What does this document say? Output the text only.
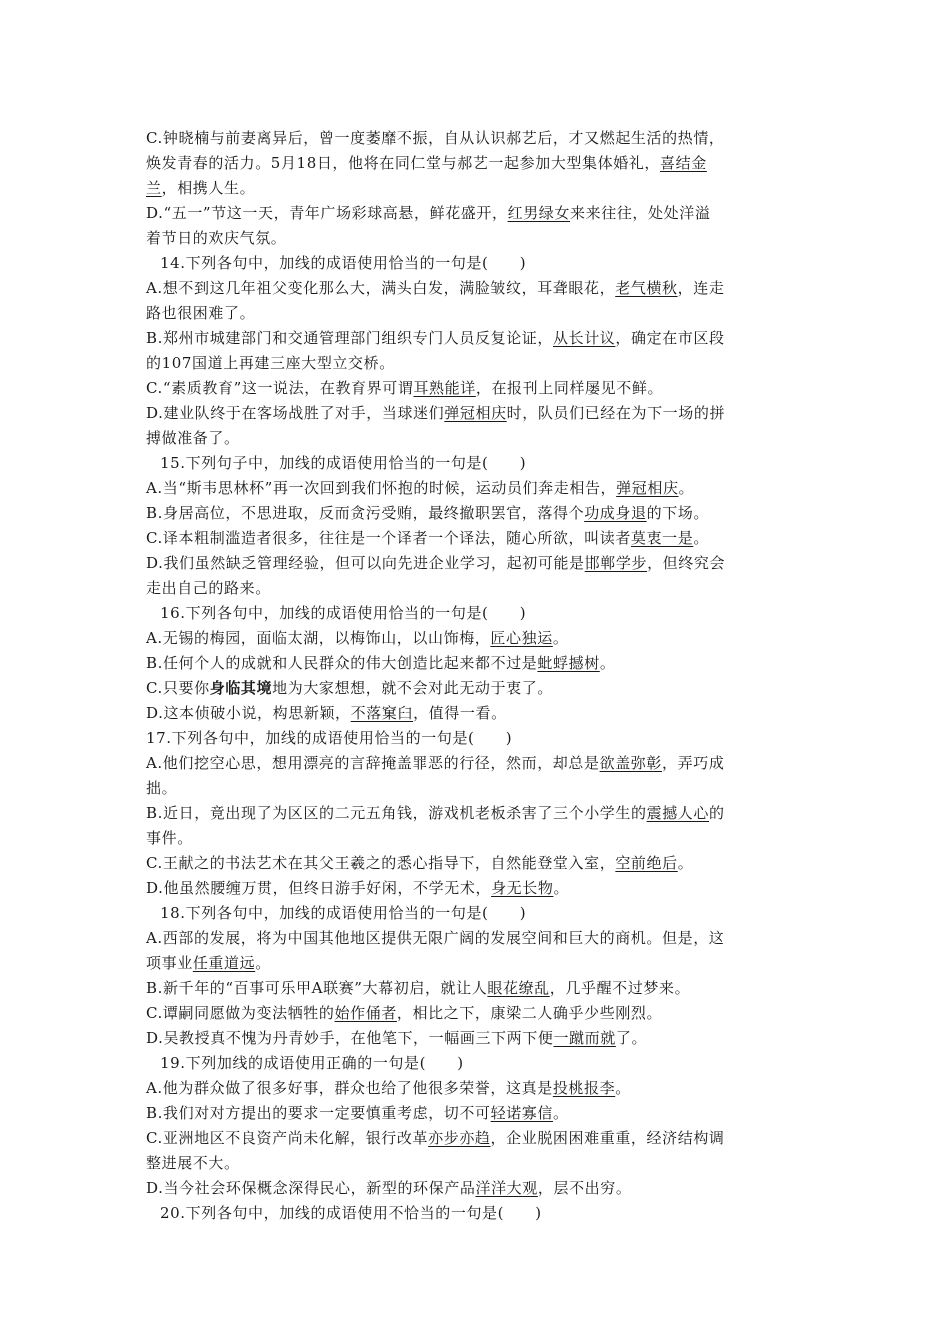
C.钟晓楠与前妻离异后，曾一度萎靡不振，自从认识郝艺后，才又燃起生活的热情，
焕发青春的活力。5月18日，他将在同仁堂与郝艺一起参加大型集体婚礼，喜结金
兰，相携人生。
D.“五一”节这一天，青年广场彩球高悬，鲜花盛开，红男绿女来来往往，处处洋溢
着节日的欢庆气氛。
14.下列各句中，加线的成语使用恰当的一句是(　　)
A.想不到这几年祖父变化那么大，满头白发，满脸皱纹，耳聋眼花，老气横秋，连走
路也很困难了。
B.郑州市城建部门和交通管理部门组织专门人员反复论证，从长计议，确定在市区段
的107国道上再建三座大型立交桥。
C.“素质教育”这一说法，在教育界可谓耳熟能详，在报刊上同样屡见不鲜。
D.建业队终于在客场战胜了对手，当球迷们弹冠相庆时，队员们已经在为下一场的拼
搏做准备了。
15.下列句子中，加线的成语使用恰当的一句是(　　)
A.当“斯韦思林杯”再一次回到我们怀抱的时候，运动员们奔走相告，弹冠相庆。
B.身居高位，不思进取，反而贪污受贿，最终撤职罢官，落得个功成身退的下场。
C.译本粗制滥造者很多，往往是一个译者一个译法，随心所欲，叫读者莫衷一是。
D.我们虽然缺乏管理经验，但可以向先进企业学习，起初可能是邯郸学步，但终究会
走出自己的路来。
16.下列各句中，加线的成语使用恰当的一句是(　　)
A.无锡的梅园，面临太湖，以梅饰山，以山饰梅，匠心独运。
B.任何个人的成就和人民群众的伟大创造比起来都不过是蚍蜉撼树。
C.只要你身临其境地为大家想想，就不会对此无动于衷了。
D.这本侦破小说，构思新颖，不落窠臼，值得一看。
17.下列各句中，加线的成语使用恰当的一句是(　　)
A.他们挖空心思，想用漂亮的言辞掩盖罪恶的行径，然而，却总是欲盖弥彰，弄巧成
拙。
B.近日，竟出现了为区区的二元五角钱，游戏机老板杀害了三个小学生的震撼人心的
事件。
C.王献之的书法艺术在其父王羲之的悉心指导下，自然能登堂入室，空前绝后。
D.他虽然腰缠万贯，但终日游手好闲，不学无术，身无长物。
18.下列各句中，加线的成语使用恰当的一句是(　　)
A.西部的发展，将为中国其他地区提供无限广阔的发展空间和巨大的商机。但是，这
项事业任重道远。
B.新千年的“百事可乐甲A联赛”大幕初启，就让人眼花缭乱，几乎醒不过梦来。
C.谭嗣同愿做为变法牺牲的始作俑者，相比之下，康梁二人确乎少些刚烈。
D.吴教授真不愧为丹青妙手，在他笔下，一幅画三下两下便一蹴而就了。
19.下列加线的成语使用正确的一句是(　　)
A.他为群众做了很多好事，群众也给了他很多荣誉，这真是投桃报李。
B.我们对对方提出的要求一定要慎重考虑，切不可轻诺寡信。
C.亚洲地区不良资产尚未化解，银行改革亦步亦趋，企业脱困困难重重，经济结构调
整进展不大。
D.当今社会环保概念深得民心，新型的环保产品洋洋大观，层不出穷。
20.下列各句中，加线的成语使用不恰当的一句是(　　)
